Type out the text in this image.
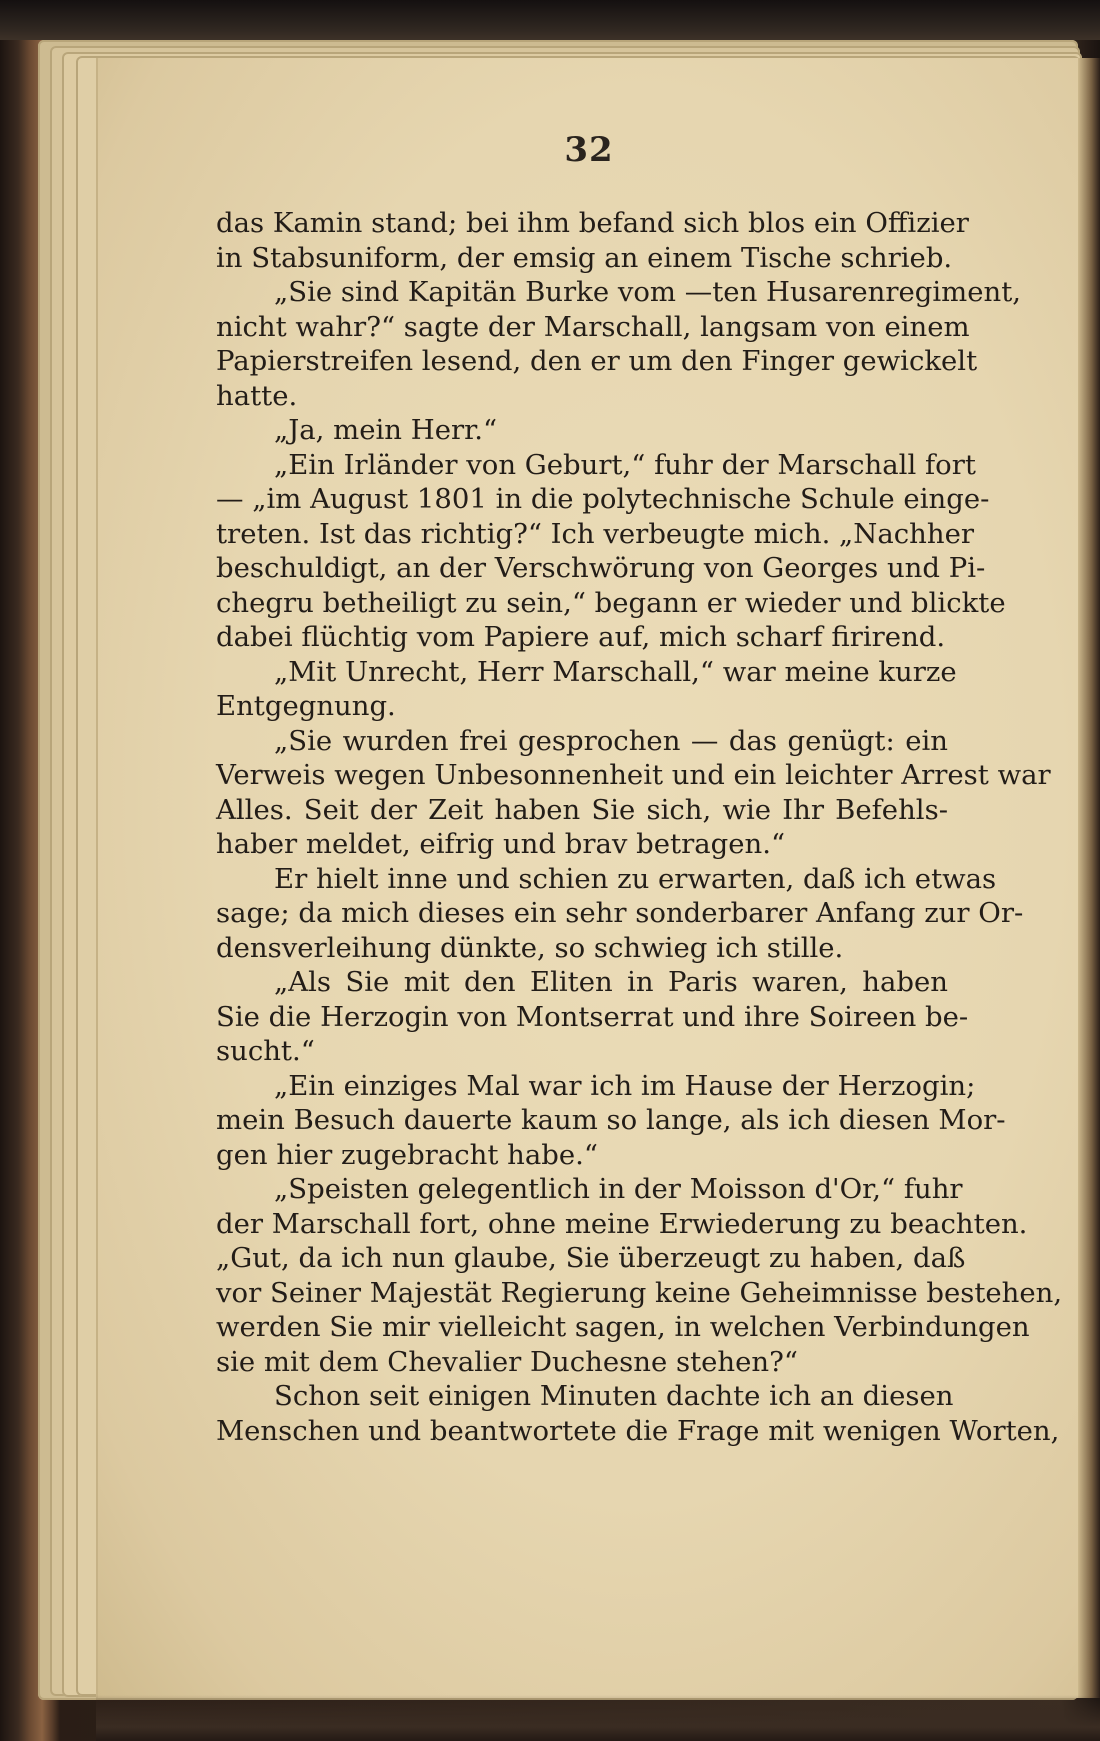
32
das Kamin stand; bei ihm befand sich blos ein Offizier
in Stabsuniform, der emsig an einem Tische schrieb.
„Sie sind Kapitän Burke vom —ten Husarenregiment,
nicht wahr?“ sagte der Marschall, langsam von einem
Papierstreifen lesend, den er um den Finger gewickelt
hatte.
„Ja, mein Herr.“
„Ein Irländer von Geburt,“ fuhr der Marschall fort
— „im August 1801 in die polytechnische Schule einge-
treten. Ist das richtig?“ Ich verbeugte mich. „Nachher
beschuldigt, an der Verschwörung von Georges und Pi-
chegru betheiligt zu sein,“ begann er wieder und blickte
dabei flüchtig vom Papiere auf, mich scharf firirend.
„Mit Unrecht, Herr Marschall,“ war meine kurze
Entgegnung.
„Sie wurden frei gesprochen — das genügt: ein
Verweis wegen Unbesonnenheit und ein leichter Arrest war
Alles. Seit der Zeit haben Sie sich, wie Ihr Befehls-
haber meldet, eifrig und brav betragen.“
Er hielt inne und schien zu erwarten, daß ich etwas
sage; da mich dieses ein sehr sonderbarer Anfang zur Or-
densverleihung dünkte, so schwieg ich stille.
„Als Sie mit den Eliten in Paris waren, haben
Sie die Herzogin von Montserrat und ihre Soireen be-
sucht.“
„Ein einziges Mal war ich im Hause der Herzogin;
mein Besuch dauerte kaum so lange, als ich diesen Mor-
gen hier zugebracht habe.“
„Speisten gelegentlich in der Moisson d'Or,“ fuhr
der Marschall fort, ohne meine Erwiederung zu beachten.
„Gut, da ich nun glaube, Sie überzeugt zu haben, daß
vor Seiner Majestät Regierung keine Geheimnisse bestehen,
werden Sie mir vielleicht sagen, in welchen Verbindungen
sie mit dem Chevalier Duchesne stehen?“
Schon seit einigen Minuten dachte ich an diesen
Menschen und beantwortete die Frage mit wenigen Worten,
